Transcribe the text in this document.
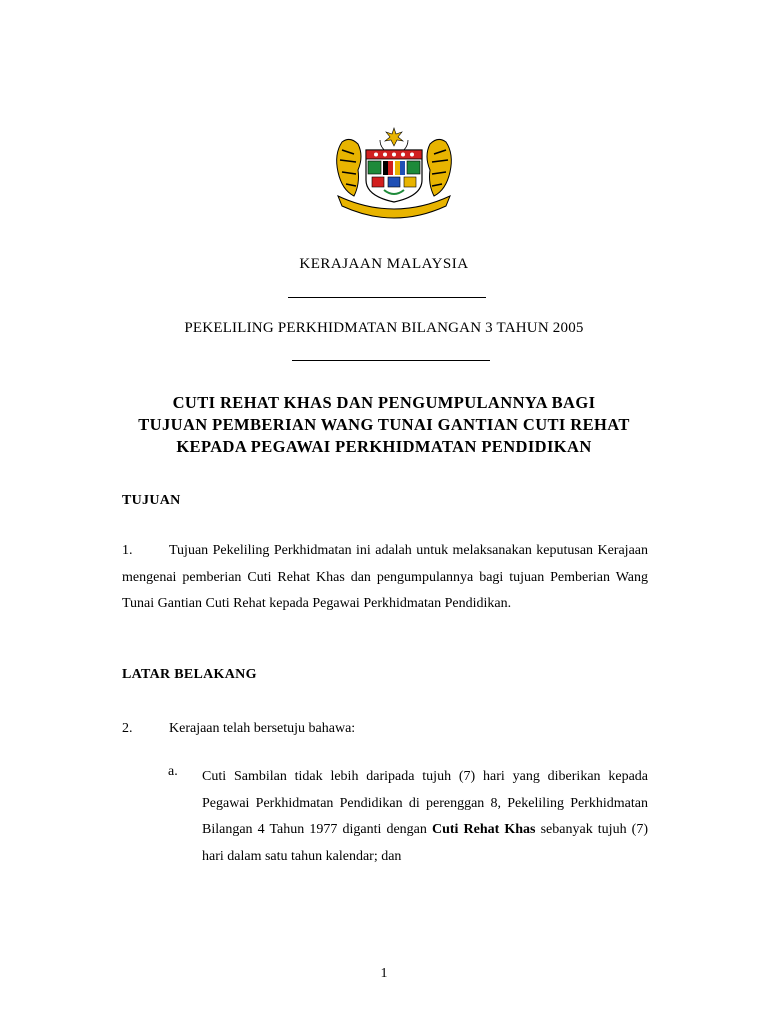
KERAJAAN MALAYSIA
PEKELILING PERKHIDMATAN BILANGAN 3 TAHUN 2005
CUTI REHAT KHAS DAN PENGUMPULANNYA BAGI
TUJUAN PEMBERIAN WANG TUNAI GANTIAN CUTI REHAT
KEPADA PEGAWAI PERKHIDMATAN PENDIDIKAN
TUJUAN
1.	Tujuan Pekeliling Perkhidmatan ini adalah untuk melaksanakan keputusan Kerajaan mengenai pemberian Cuti Rehat Khas dan pengumpulannya bagi tujuan Pemberian Wang Tunai Gantian Cuti Rehat kepada Pegawai Perkhidmatan Pendidikan.
LATAR BELAKANG
2.	Kerajaan telah bersetuju bahawa:
a. Cuti Sambilan tidak lebih daripada tujuh (7) hari yang diberikan kepada Pegawai Perkhidmatan Pendidikan di perenggan 8, Pekeliling Perkhidmatan Bilangan 4 Tahun 1977 diganti dengan Cuti Rehat Khas sebanyak tujuh (7) hari dalam satu tahun kalendar; dan
1
